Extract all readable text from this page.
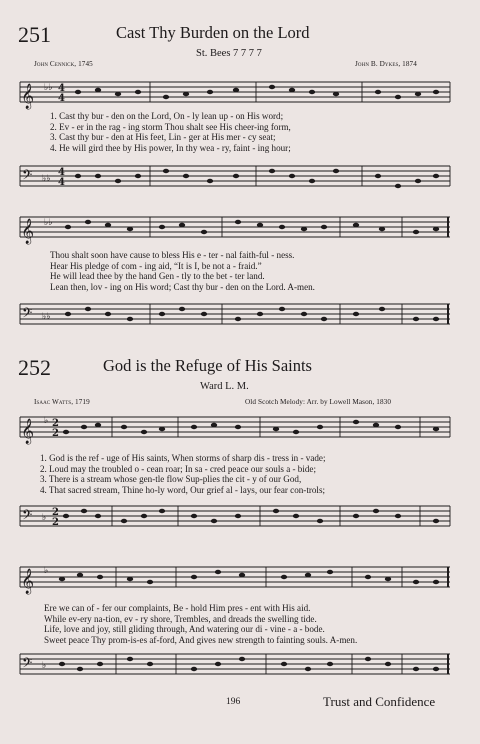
251	Cast Thy Burden on the Lord
St. Bees 7 7 7 7
John Cennick, 1745	John B. Dykes, 1874
𝄞 ♭♭ 4
4
1. Cast thy bur - den on the Lord, On - ly lean up - on His word;
2. Ev - er in the rag - ing storm Thou shalt see His cheer-ing form,
3. Cast thy bur - den at His feet, Lin - ger at His mer - cy seat;
4. He will gird thee by His power, In thy wea - ry, faint - ing hour;
𝄢 ♭♭
4
4
𝄞 ♭♭
Thou shalt soon have cause to bless His e - ter - nal faith-ful - ness.
Hear His pledge of com - ing aid, “It is I, be not a - fraid.”
He will lead thee by the hand Gen - tly to the bet - ter land.
Lean then, lov - ing on His word; Cast thy bur - den on the Lord. A-men.
𝄢 ♭♭
252	God is the Refuge of His Saints
Ward L. M.
Isaac Watts, 1719	Old Scotch Melody: Arr. by Lowell Mason, 1830
𝄞 ♭ 2
2
1. God is the ref - uge of His saints, When storms of sharp dis - tress in - vade;
2. Loud may the troubled o - cean roar; In sa - cred peace our souls a - bide;
3. There is a stream whose gen-tle flow Sup-plies the cit - y of our God,
4. That sacred stream, Thine ho-ly word, Our grief al - lays, our fear con-trols;
𝄢 ♭ 2
2
𝄞 ♭
Ere we can of - fer our complaints, Be - hold Him pres - ent with His aid.
While ev-ery na-tion, ev - ry shore, Trembles, and dreads the swelling tide.
Life, love and joy, still gliding through, And watering our di - vine - a - bode.
Sweet peace Thy prom-is-es af-ford, And gives new strength to fainting souls. A-men.
𝄢 ♭
196	Trust and Confidence
